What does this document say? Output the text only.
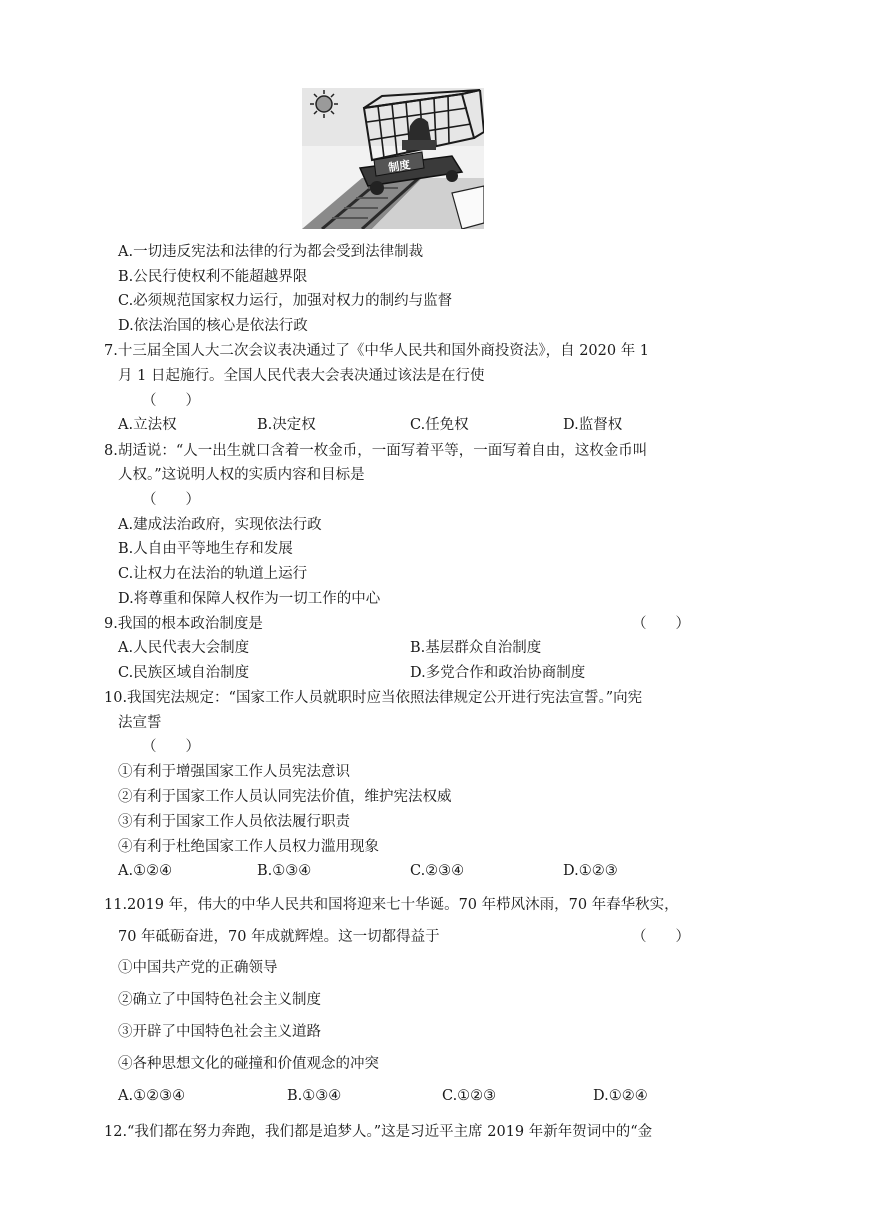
制度
A.一切违反宪法和法律的行为都会受到法律制裁
B.公民行使权利不能超越界限
C.必须规范国家权力运行，加强对权力的制约与监督
D.依法治国的核心是依法行政
7.十三届全国人大二次会议表决通过了《中华人民共和国外商投资法》，自 2020 年 1
月 1 日起施行。全国人民代表大会表决通过该法是在行使
（　　）
A.立法权	B.决定权	C.任免权	D.监督权
8.胡适说：“人一出生就口含着一枚金币，一面写着平等，一面写着自由，这枚金币叫
人权。”这说明人权的实质内容和目标是
（　　）
A.建成法治政府，实现依法行政
B.人自由平等地生存和发展
C.让权力在法治的轨道上运行
D.将尊重和保障人权作为一切工作的中心
9.我国的根本政治制度是	（　　）
A.人民代表大会制度	B.基层群众自治制度
C.民族区域自治制度	D.多党合作和政治协商制度
10.我国宪法规定：“国家工作人员就职时应当依照法律规定公开进行宪法宣誓。”向宪
法宣誓
（　　）
①有利于增强国家工作人员宪法意识
②有利于国家工作人员认同宪法价值，维护宪法权威
③有利于国家工作人员依法履行职责
④有利于杜绝国家工作人员权力滥用现象
A.①②④	B.①③④	C.②③④	D.①②③
11.2019 年，伟大的中华人民共和国将迎来七十华诞。70 年栉风沐雨，70 年春华秋实，
70 年砥砺奋进，70 年成就辉煌。这一切都得益于	（　　）
①中国共产党的正确领导
②确立了中国特色社会主义制度
③开辟了中国特色社会主义道路
④各种思想文化的碰撞和价值观念的冲突
A.①②③④	B.①③④	C.①②③	D.①②④
12.“我们都在努力奔跑，我们都是追梦人。”这是习近平主席 2019 年新年贺词中的“金
